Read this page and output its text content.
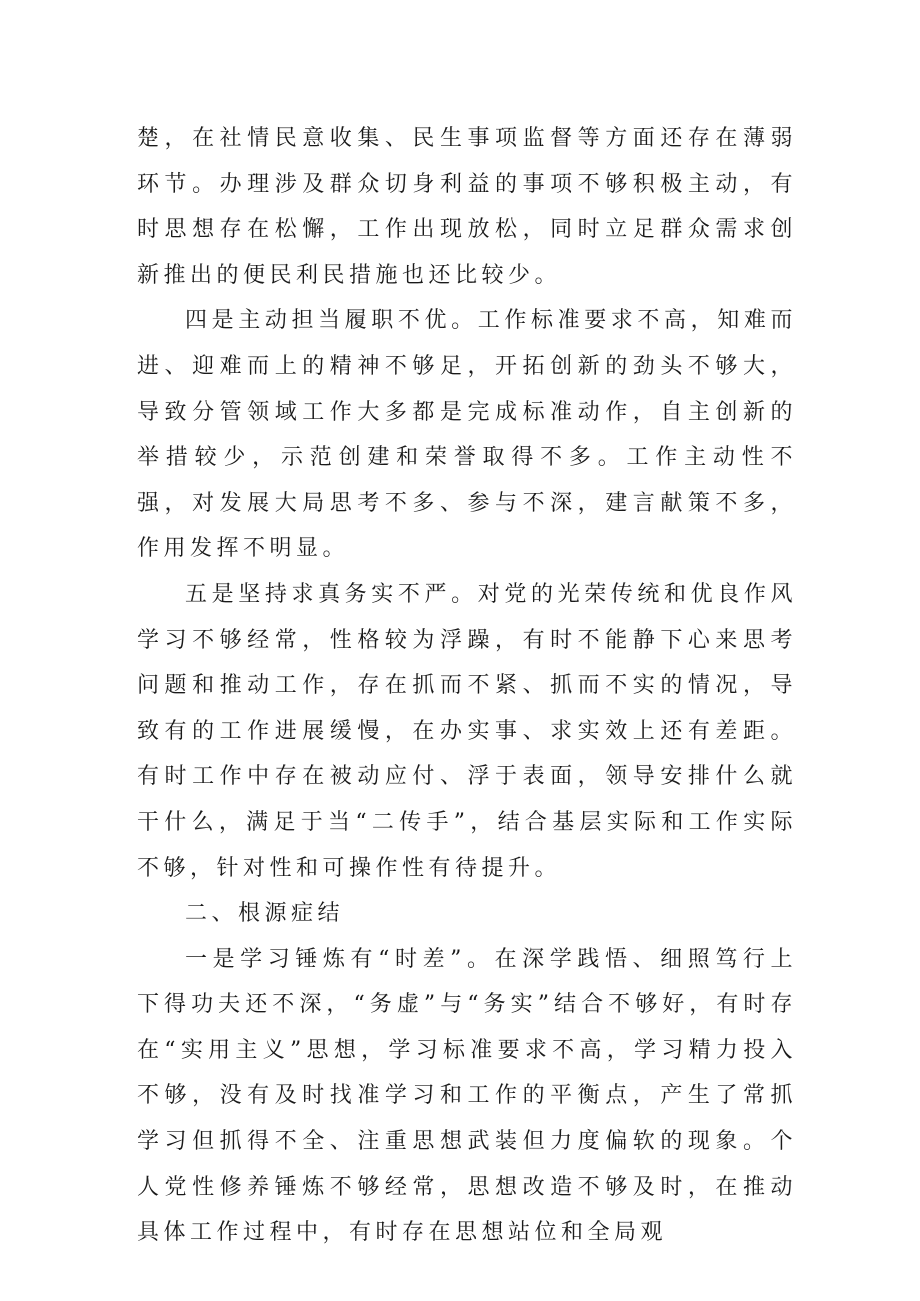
楚，在社情民意收集、民生事项监督等方面还存在薄弱环节。办理涉及群众切身利益的事项不够积极主动，有时思想存在松懈，工作出现放松，同时立足群众需求创新推出的便民利民措施也还比较少。

四是主动担当履职不优。工作标准要求不高，知难而进、迎难而上的精神不够足，开拓创新的劲头不够大，导致分管领域工作大多都是完成标准动作，自主创新的举措较少，示范创建和荣誉取得不多。工作主动性不强，对发展大局思考不多、参与不深，建言献策不多，作用发挥不明显。

五是坚持求真务实不严。对党的光荣传统和优良作风学习不够经常，性格较为浮躁，有时不能静下心来思考问题和推动工作，存在抓而不紧、抓而不实的情况，导致有的工作进展缓慢，在办实事、求实效上还有差距。有时工作中存在被动应付、浮于表面，领导安排什么就干什么，满足于当“二传手”，结合基层实际和工作实际不够，针对性和可操作性有待提升。

二、根源症结

一是学习锤炼有“时差”。在深学践悟、细照笃行上下得功夫还不深，“务虚”与“务实”结合不够好，有时存在“实用主义”思想，学习标准要求不高，学习精力投入不够，没有及时找准学习和工作的平衡点，产生了常抓学习但抓得不全、注重思想武装但力度偏软的现象。个人党性修养锤炼不够经常，思想改造不够及时，在推动具体工作过程中，有时存在思想站位和全局观
